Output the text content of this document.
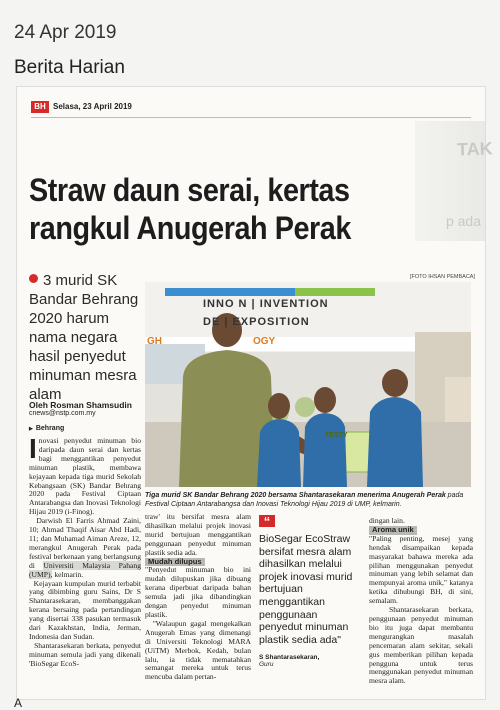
24 Apr 2019
Berita Harian
BH Selasa, 23 April 2019
TAK
p ada
Straw daun serai, kertas rangkul Anugerah Perak
3 murid SK Bandar Behrang 2020 harum nama negara hasil penyedut minuman mesra alam
[FOTO IHSAN PEMBACA]
INNO N | INVENTION
DE | EXPOSITION
GH	OGY
TESTY
Tiga murid SK Bandar Behrang 2020 bersama Shantarasekaran menerima Anugerah Perak pada Festival Ciptaan Antarabangsa dan Inovasi Teknologi Hijau 2019 di UMP, kelmarin.
Oleh Rosman Shamsudin
cnews@nstp.com.my
▶ Behrang

Inovasi penyedut minuman bio daripada daun serai dan kertas bagi menggantikan penyedut minuman plastik, membawa kejayaan kepada tiga murid Sekolah Kebangsaan (SK) Bandar Behrang 2020 pada Festival Ciptaan Antarabangsa dan Inovasi Teknologi Hijau 2019 (i-Finog).

Darwish El Farris Ahmad Zaini, 10; Ahmad Thaqif Aisar Abd Hadi, 11; dan Muhamad Aiman Areze, 12, merangkul Anugerah Perak pada festival berkenaan yang berlangsung di Universiti Malaysia Pahang (UMP), kelmarin.

Kejayaan kumpulan murid terbabit yang dibimbing guru Sains, Dr S Shantarasekaran, membanggakan kerana bersaing pada pertandingan yang disertai 338 pasukan termasuk dari Kazakhstan, India, Jerman, Indonesia dan Sudan.

Shantarasekaran berkata, penyedut minuman semula jadi yang dikenali 'BioSegar EcoS-

traw' itu bersifat mesra alam dihasilkan melalui projek inovasi murid bertujuan menggantikan penggunaan penyedut minuman plastik sedia ada.

Mudah dilupus

"Penyedut minuman bio ini mudah dilupuskan jika dibuang kerana diperbuat daripada bahan semula jadi jika dibandingkan dengan penyedut minuman plastik.

"Walaupun gagal mengekalkan Anugerah Emas yang dimenangi di Universiti Teknologi MARA (UiTM) Merbok, Kedah, bulan lalu, ia tidak mematahkan semangat mereka untuk terus mencuba dalam pertan-

“
BioSegar EcoStraw bersifat mesra alam dihasilkan melalui projek inovasi murid bertujuan menggantikan penggunaan penyedut minuman plastik sedia ada"
S Shantarasekaran,
Guru

dingan lain.

Aroma unik

"Paling penting, mesej yang hendak disampaikan kepada masyarakat bahawa mereka ada pilihan menggunakan penyedut minuman yang lebih selamat dan mempunyai aroma unik," katanya ketika dihubungi BH, di sini, semalam.

Shantarasekaran berkata, penggunaan penyedut minuman bio itu juga dapat membantu mengurangkan masalah pencemaran alam sekitar, sekali gus memberikan pilihan kepada pengguna untuk terus menggunakan penyedut minuman mesra alam.

A
